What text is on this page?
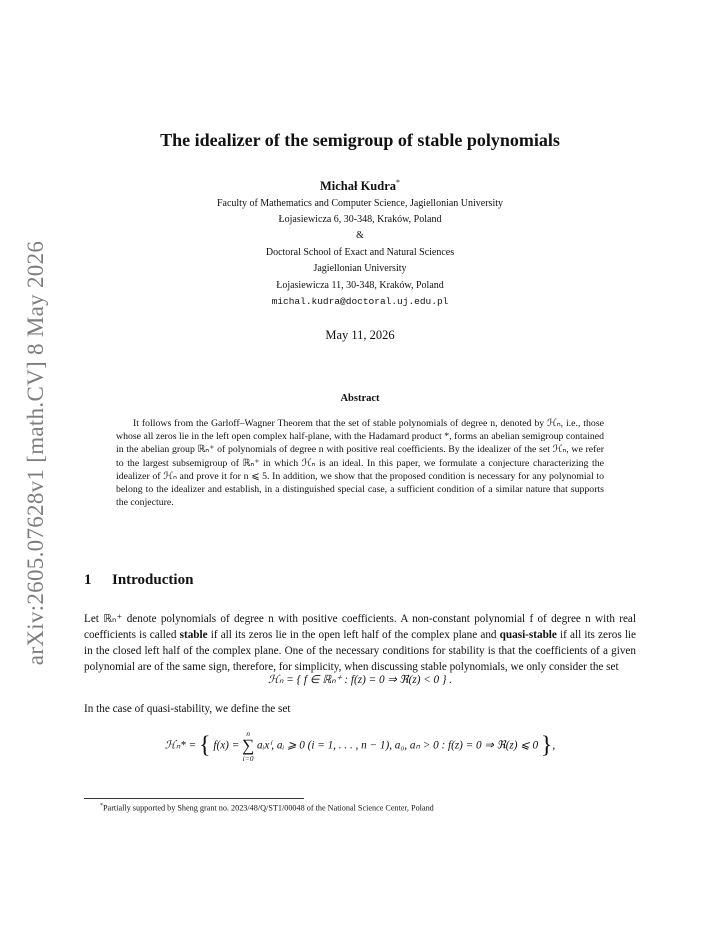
arXiv:2605.07628v1 [math.CV] 8 May 2026
The idealizer of the semigroup of stable polynomials
Michał Kudra*
Faculty of Mathematics and Computer Science, Jagiellonian University
Łojasiewicza 6, 30-348, Kraków, Poland
&
Doctoral School of Exact and Natural Sciences
Jagiellonian University
Łojasiewicza 11, 30-348, Kraków, Poland
michal.kudra@doctoral.uj.edu.pl
May 11, 2026
Abstract
It follows from the Garloff–Wagner Theorem that the set of stable polynomials of degree n, denoted by ℋₙ, i.e., those whose all zeros lie in the left open complex half-plane, with the Hadamard product *, forms an abelian semigroup contained in the abelian group ℝₙ⁺ of polynomials of degree n with positive real coefficients. By the idealizer of the set ℋₙ, we refer to the largest subsemigroup of ℝₙ⁺ in which ℋₙ is an ideal. In this paper, we formulate a conjecture characterizing the idealizer of ℋₙ and prove it for n ⩽ 5. In addition, we show that the proposed condition is necessary for any polynomial to belong to the idealizer and establish, in a distinguished special case, a sufficient condition of a similar nature that supports the conjecture.
1 Introduction
Let ℝₙ⁺ denote polynomials of degree n with positive coefficients. A non-constant polynomial f of degree n with real coefficients is called stable if all its zeros lie in the open left half of the complex plane and quasi-stable if all its zeros lie in the closed left half of the complex plane. One of the necessary conditions for stability is that the coefficients of a given polynomial are of the same sign, therefore, for simplicity, when discussing stable polynomials, we only consider the set
ℋₙ = { f ∈ ℝₙ⁺ : f(z) = 0 ⇒ ℜ(z) < 0 } .
In the case of quasi-stability, we define the set
ℋₙ* = { f(x) =
n
∑
i=0
aᵢxⁱ, aᵢ ⩾ 0 (i = 1, . . . , n − 1), a₀, aₙ > 0 : f(z) = 0 ⇒ ℜ(z) ⩽ 0 },
*Partially supported by Sheng grant no. 2023/48/Q/ST1/00048 of the National Science Center, Poland
